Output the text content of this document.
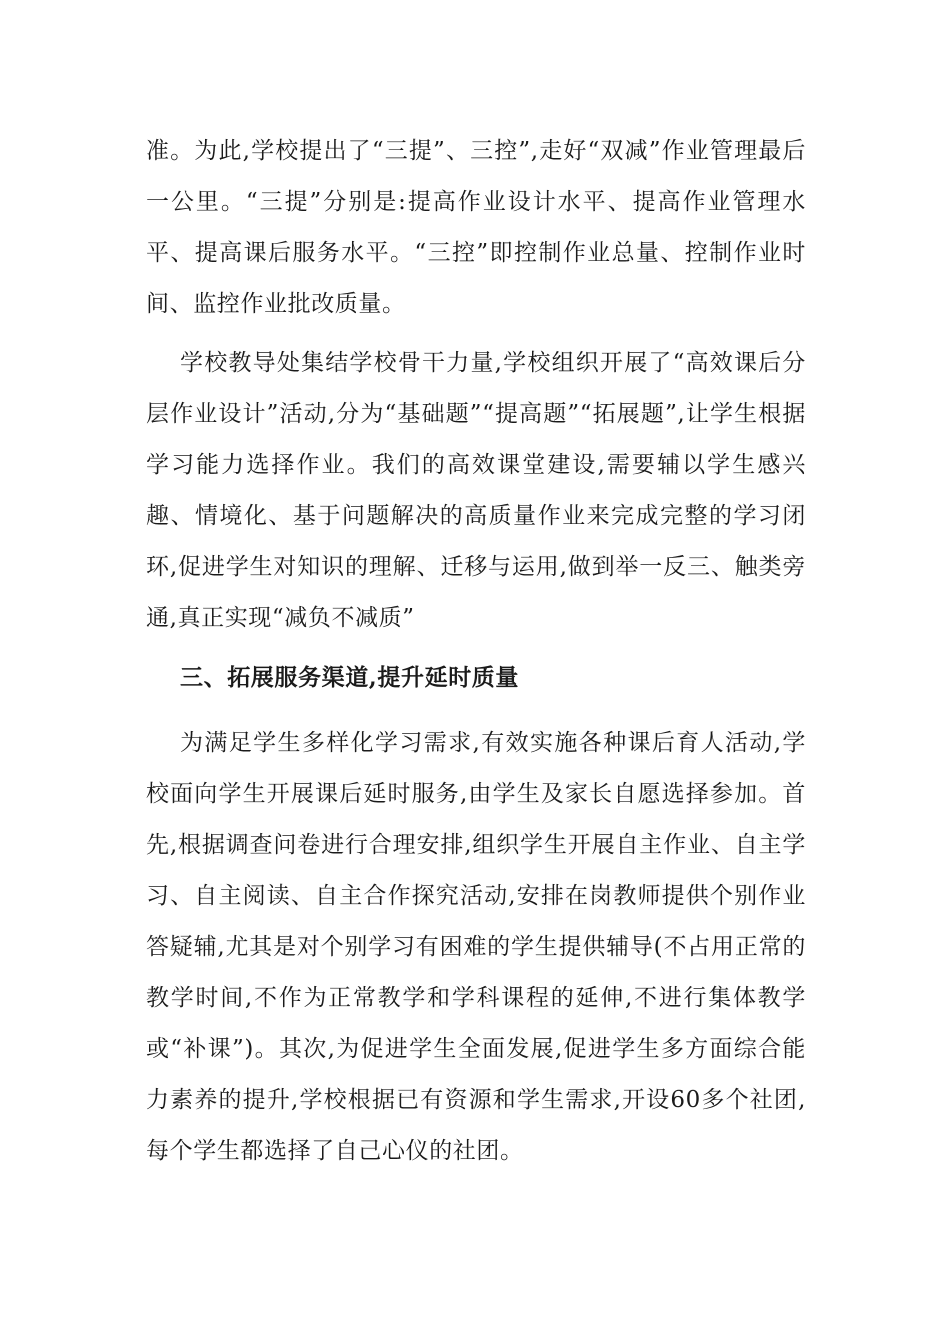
准。为此,学校提出了“三提”、三控”,走好“双减”作业管理最后一公里。“三提”分别是:提高作业设计水平、提高作业管理水平、提高课后服务水平。“三控”即控制作业总量、控制作业时间、监控作业批改质量。

学校教导处集结学校骨干力量,学校组织开展了“高效课后分层作业设计”活动,分为“基础题”“提高题”“拓展题”,让学生根据学习能力选择作业。我们的高效课堂建设,需要辅以学生感兴趣、情境化、基于问题解决的高质量作业来完成完整的学习闭环,促进学生对知识的理解、迁移与运用,做到举一反三、触类旁通,真正实现“减负不减质”

三、拓展服务渠道,提升延时质量

为满足学生多样化学习需求,有效实施各种课后育人活动,学校面向学生开展课后延时服务,由学生及家长自愿选择参加。首先,根据调查问卷进行合理安排,组织学生开展自主作业、自主学习、自主阅读、自主合作探究活动,安排在岗教师提供个别作业答疑辅,尤其是对个别学习有困难的学生提供辅导(不占用正常的教学时间,不作为正常教学和学科课程的延伸,不进行集体教学或“补课”)。其次,为促进学生全面发展,促进学生多方面综合能力素养的提升,学校根据已有资源和学生需求,开设60多个社团,每个学生都选择了自己心仪的社团。
